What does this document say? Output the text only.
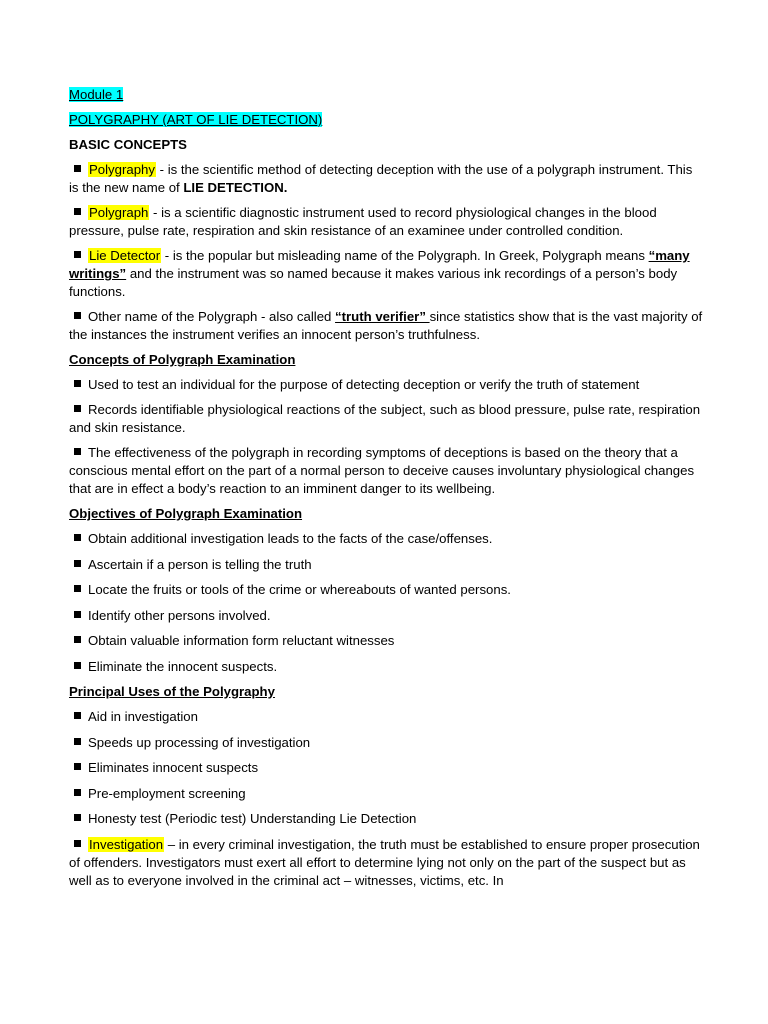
Module 1

POLYGRAPHY (ART OF LIE DETECTION)

BASIC CONCEPTS

Polygraphy - is the scientific method of detecting deception with the use of a polygraph instrument. This is the new name of LIE DETECTION.

Polygraph - is a scientific diagnostic instrument used to record physiological changes in the blood pressure, pulse rate, respiration and skin resistance of an examinee under controlled condition.

Lie Detector - is the popular but misleading name of the Polygraph. In Greek, Polygraph means “many writings” and the instrument was so named because it makes various ink recordings of a person’s body functions.

Other name of the Polygraph - also called “truth verifier” since statistics show that is the vast majority of the instances the instrument verifies an innocent person’s truthfulness.

Concepts of Polygraph Examination

Used to test an individual for the purpose of detecting deception or verify the truth of statement

Records identifiable physiological reactions of the subject, such as blood pressure, pulse rate, respiration and skin resistance.

The effectiveness of the polygraph in recording symptoms of deceptions is based on the theory that a conscious mental effort on the part of a normal person to deceive causes involuntary physiological changes that are in effect a body’s reaction to an imminent danger to its wellbeing.

Objectives of Polygraph Examination

Obtain additional investigation leads to the facts of the case/offenses.

Ascertain if a person is telling the truth

Locate the fruits or tools of the crime or whereabouts of wanted persons.

Identify other persons involved.

Obtain valuable information form reluctant witnesses

Eliminate the innocent suspects.

Principal Uses of the Polygraphy

Aid in investigation

Speeds up processing of investigation

Eliminates innocent suspects

Pre-employment screening

Honesty test (Periodic test) Understanding Lie Detection

Investigation – in every criminal investigation, the truth must be established to ensure proper prosecution of offenders. Investigators must exert all effort to determine lying not only on the part of the suspect but as well as to everyone involved in the criminal act – witnesses, victims, etc. In
